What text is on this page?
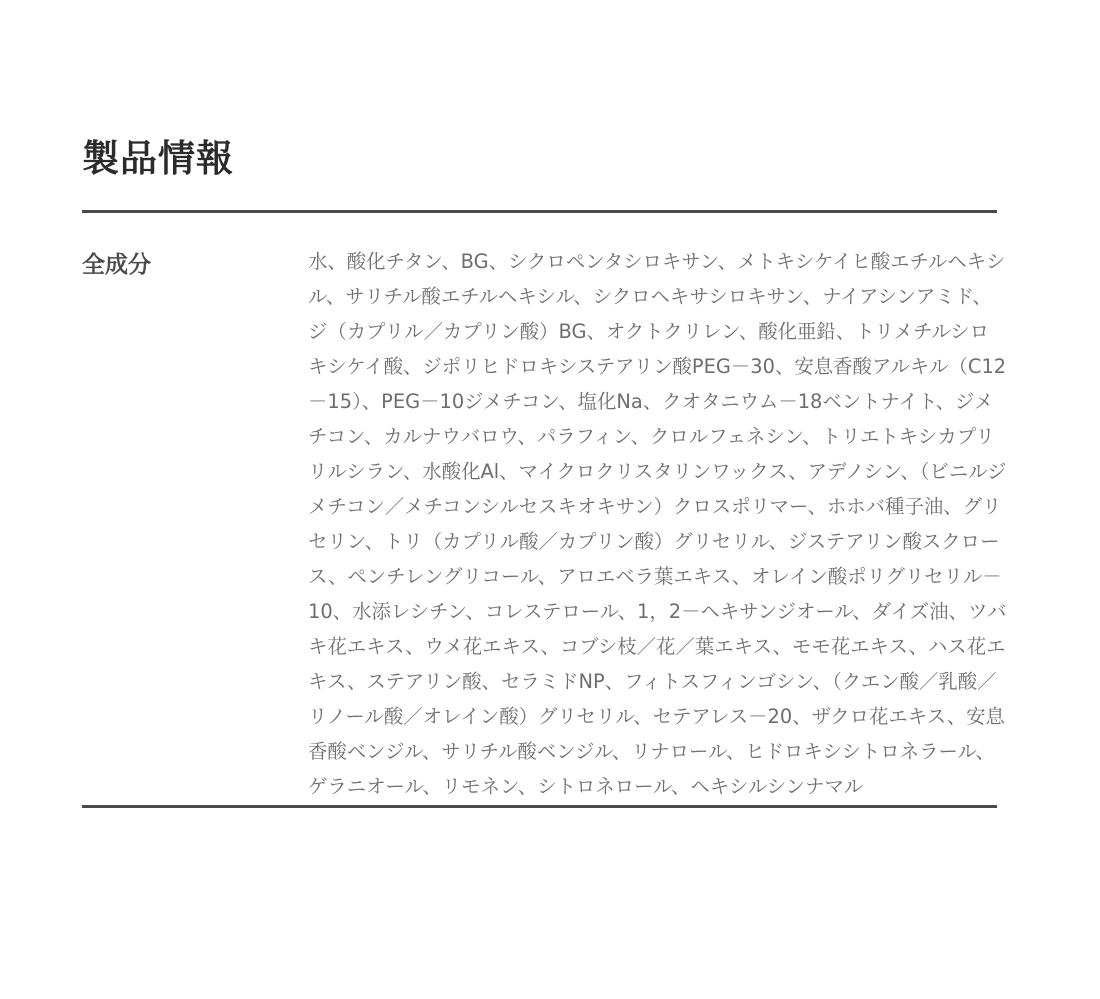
製品情報
全成分	水、酸化チタン、BG、シクロペンタシロキサン、メトキシケイヒ酸エチルヘキシル、サリチル酸エチルヘキシル、シクロヘキサシロキサン、ナイアシンアミド、ジ（カプリル／カプリン酸）BG、オクトクリレン、酸化亜鉛、トリメチルシロキシケイ酸、ジポリヒドロキシステアリン酸PEG－30、安息香酸アルキル（C12－15）、PEG－10ジメチコン、塩化Na、クオタニウム－18ベントナイト、ジメチコン、カルナウバロウ、パラフィン、クロルフェネシン、トリエトキシカプリリルシラン、水酸化Al、マイクロクリスタリンワックス、アデノシン、（ビニルジメチコン／メチコンシルセスキオキサン）クロスポリマー、ホホバ種子油、グリセリン、トリ（カプリル酸／カプリン酸）グリセリル、ジステアリン酸スクロース、ペンチレングリコール、アロエベラ葉エキス、オレイン酸ポリグリセリル－10、水添レシチン、コレステロール、1，2－ヘキサンジオール、ダイズ油、ツバキ花エキス、ウメ花エキス、コブシ枝／花／葉エキス、モモ花エキス、ハス花エキス、ステアリン酸、セラミドNP、フィトスフィンゴシン、（クエン酸／乳酸／リノール酸／オレイン酸）グリセリル、セテアレス－20、ザクロ花エキス、安息香酸ベンジル、サリチル酸ベンジル、リナロール、ヒドロキシシトロネラール、ゲラニオール、リモネン、シトロネロール、ヘキシルシンナマル
